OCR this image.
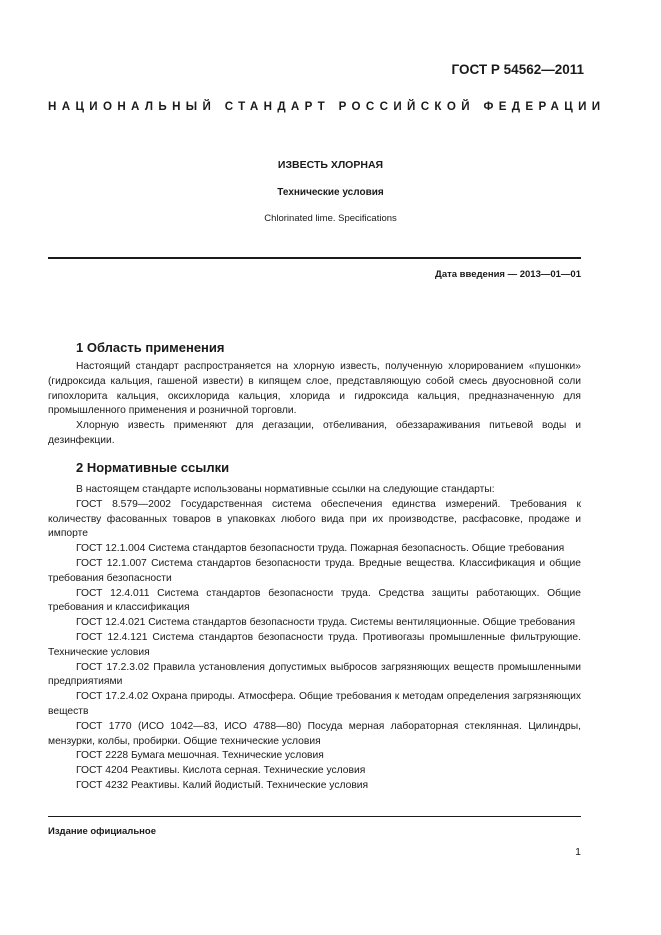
ГОСТ Р 54562—2011
НАЦИОНАЛЬНЫЙ СТАНДАРТ РОССИЙСКОЙ ФЕДЕРАЦИИ
ИЗВЕСТЬ ХЛОРНАЯ
Технические условия
Chlorinated lime. Specifications
Дата введения — 2013—01—01
1 Область применения

Настоящий стандарт распространяется на хлорную известь, полученную хлорированием «пушонки» (гидроксида кальция, гашеной извести) в кипящем слое, представляющую собой смесь двуосновной соли гипохлорита кальция, оксихлорида кальция, хлорида и гидроксида кальция, предназначенную для промышленного применения и розничной торговли.

Хлорную известь применяют для дегазации, отбеливания, обеззараживания питьевой воды и дезинфекции.

2 Нормативные ссылки

В настоящем стандарте использованы нормативные ссылки на следующие стандарты:

ГОСТ 8.579—2002 Государственная система обеспечения единства измерений. Требования к количеству фасованных товаров в упаковках любого вида при их производстве, расфасовке, продаже и импорте

ГОСТ 12.1.004 Система стандартов безопасности труда. Пожарная безопасность. Общие требования

ГОСТ 12.1.007 Система стандартов безопасности труда. Вредные вещества. Классификация и общие требования безопасности

ГОСТ 12.4.011 Система стандартов безопасности труда. Средства защиты работающих. Общие требования и классификация

ГОСТ 12.4.021 Система стандартов безопасности труда. Системы вентиляционные. Общие требования

ГОСТ 12.4.121 Система стандартов безопасности труда. Противогазы промышленные фильтрующие. Технические условия

ГОСТ 17.2.3.02 Правила установления допустимых выбросов загрязняющих веществ промышленными предприятиями

ГОСТ 17.2.4.02 Охрана природы. Атмосфера. Общие требования к методам определения загрязняющих веществ

ГОСТ 1770 (ИСО 1042—83, ИСО 4788—80) Посуда мерная лабораторная стеклянная. Цилиндры, мензурки, колбы, пробирки. Общие технические условия

ГОСТ 2228 Бумага мешочная. Технические условия

ГОСТ 4204 Реактивы. Кислота серная. Технические условия

ГОСТ 4232 Реактивы. Калий йодистый. Технические условия

Издание официальное
1
